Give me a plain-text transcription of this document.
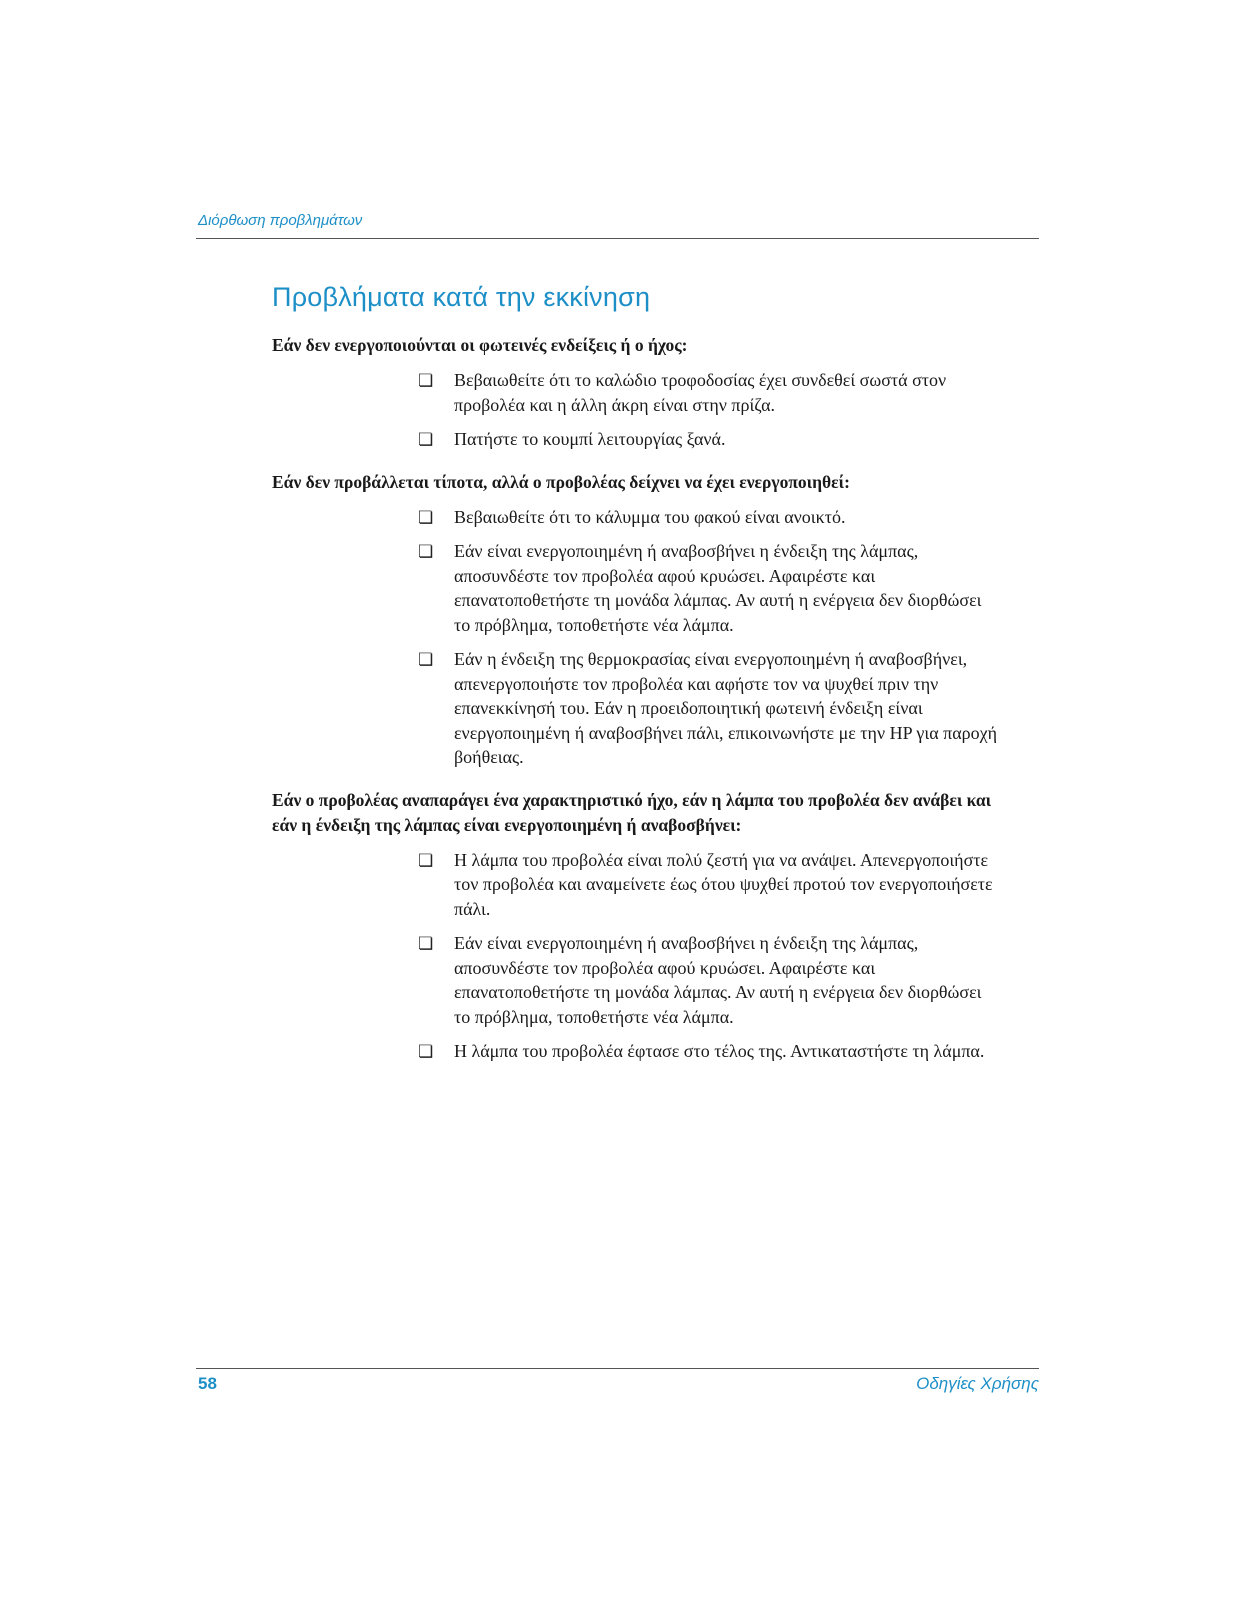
Διόρθωση προβλημάτων
Προβλήματα κατά την εκκίνηση

Εάν δεν ενεργοποιούνται οι φωτεινές ενδείξεις ή ο ήχος:

❏ Βεβαιωθείτε ότι το καλώδιο τροφοδοσίας έχει συνδεθεί σωστά στον προβολέα και η άλλη άκρη είναι στην πρίζα.
❏ Πατήστε το κουμπί λειτουργίας ξανά.

Εάν δεν προβάλλεται τίποτα, αλλά ο προβολέας δείχνει να έχει ενεργοποιηθεί:

❏ Βεβαιωθείτε ότι το κάλυμμα του φακού είναι ανοικτό.
❏ Εάν είναι ενεργοποιημένη ή αναβοσβήνει η ένδειξη της λάμπας, αποσυνδέστε τον προβολέα αφού κρυώσει. Αφαιρέστε και επανατοποθετήστε τη μονάδα λάμπας. Αν αυτή η ενέργεια δεν διορθώσει το πρόβλημα, τοποθετήστε νέα λάμπα.
❏ Εάν η ένδειξη της θερμοκρασίας είναι ενεργοποιημένη ή αναβοσβήνει, απενεργοποιήστε τον προβολέα και αφήστε τον να ψυχθεί πριν την επανεκκίνησή του. Εάν η προειδοποιητική φωτεινή ένδειξη είναι ενεργοποιημένη ή αναβοσβήνει πάλι, επικοινωνήστε με την HP για παροχή βοήθειας.

Εάν ο προβολέας αναπαράγει ένα χαρακτηριστικό ήχο, εάν η λάμπα του προβολέα δεν ανάβει και εάν η ένδειξη της λάμπας είναι ενεργοποιημένη ή αναβοσβήνει:

❏ Η λάμπα του προβολέα είναι πολύ ζεστή για να ανάψει. Απενεργοποιήστε τον προβολέα και αναμείνετε έως ότου ψυχθεί προτού τον ενεργοποιήσετε πάλι.
❏ Εάν είναι ενεργοποιημένη ή αναβοσβήνει η ένδειξη της λάμπας, αποσυνδέστε τον προβολέα αφού κρυώσει. Αφαιρέστε και επανατοποθετήστε τη μονάδα λάμπας. Αν αυτή η ενέργεια δεν διορθώσει το πρόβλημα, τοποθετήστε νέα λάμπα.
❏ Η λάμπα του προβολέα έφτασε στο τέλος της. Αντικαταστήστε τη λάμπα.
58	Οδηγίες Χρήσης
